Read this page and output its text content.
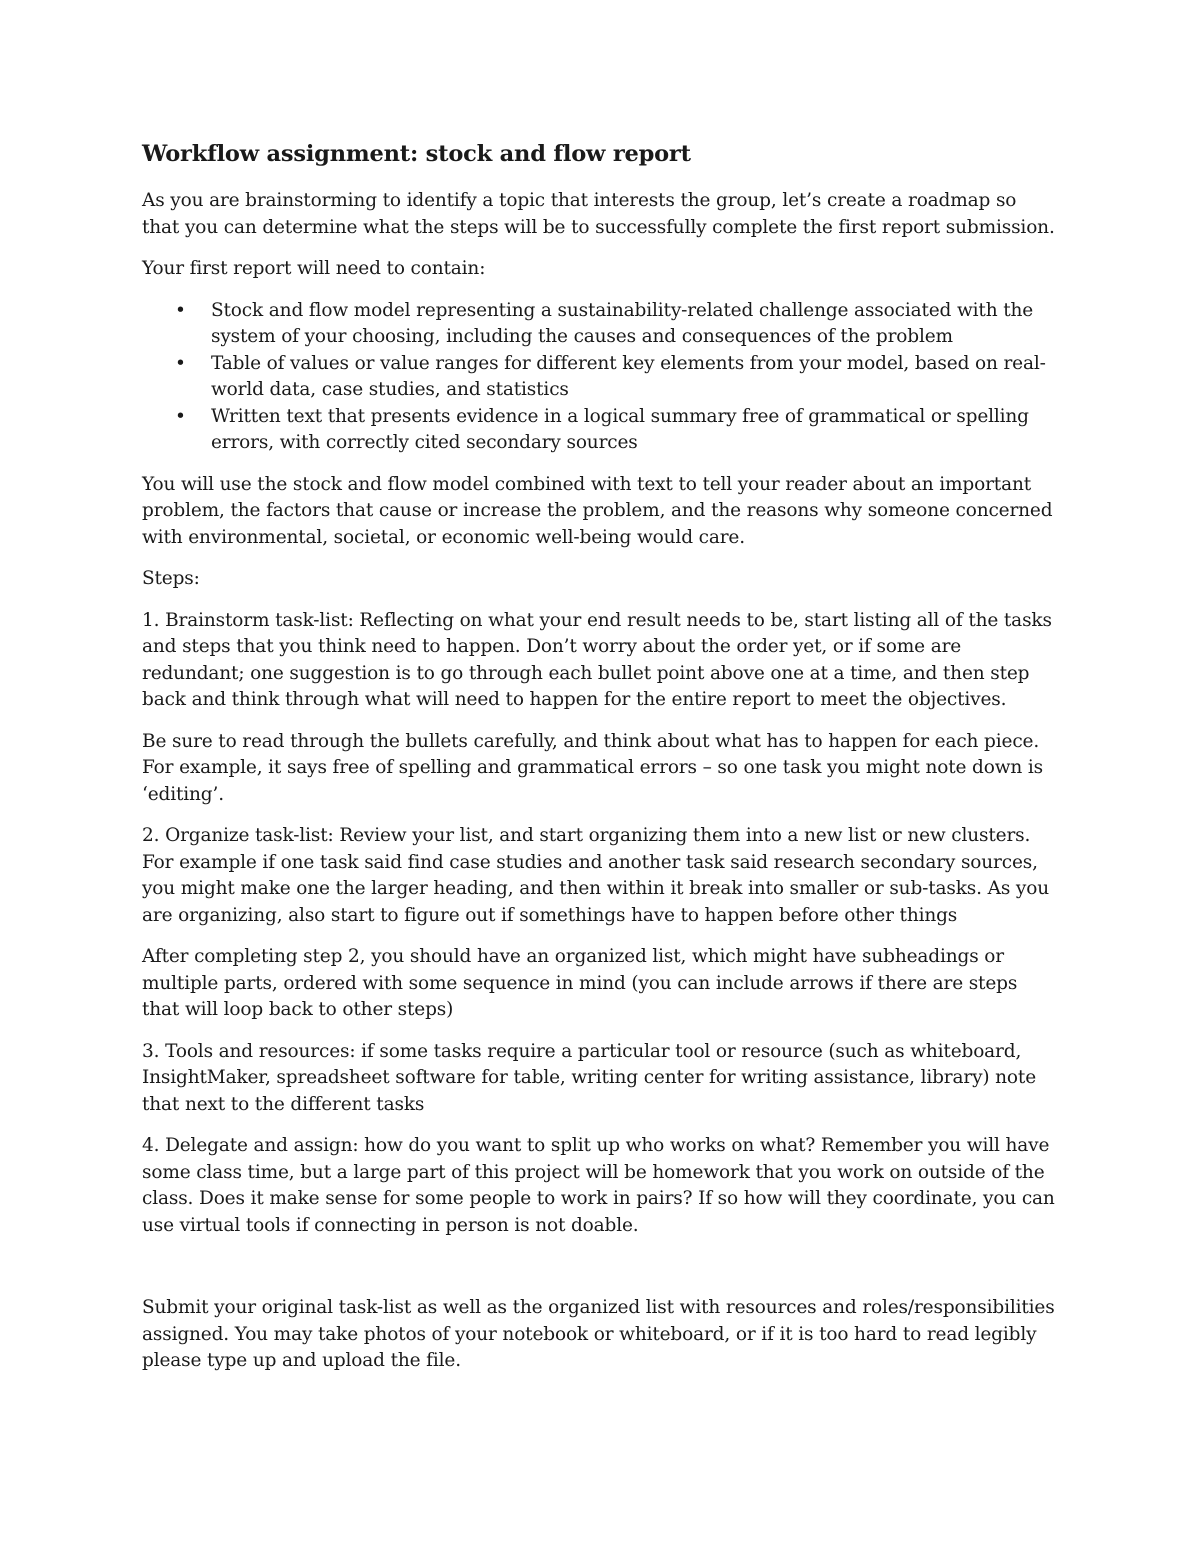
Workflow assignment: stock and flow report

As you are brainstorming to identify a topic that interests the group, let’s create a roadmap so that you can determine what the steps will be to successfully complete the first report submission.

Your first report will need to contain:

• Stock and flow model representing a sustainability-related challenge associated with the system of your choosing, including the causes and consequences of the problem
• Table of values or value ranges for different key elements from your model, based on real-world data, case studies, and statistics
• Written text that presents evidence in a logical summary free of grammatical or spelling errors, with correctly cited secondary sources

You will use the stock and flow model combined with text to tell your reader about an important problem, the factors that cause or increase the problem, and the reasons why someone concerned with environmental, societal, or economic well-being would care.

Steps:

1. Brainstorm task-list: Reflecting on what your end result needs to be, start listing all of the tasks and steps that you think need to happen. Don’t worry about the order yet, or if some are redundant; one suggestion is to go through each bullet point above one at a time, and then step back and think through what will need to happen for the entire report to meet the objectives.

Be sure to read through the bullets carefully, and think about what has to happen for each piece. For example, it says free of spelling and grammatical errors – so one task you might note down is ‘editing’.

2. Organize task-list: Review your list, and start organizing them into a new list or new clusters. For example if one task said find case studies and another task said research secondary sources, you might make one the larger heading, and then within it break into smaller or sub-tasks. As you are organizing, also start to figure out if somethings have to happen before other things

After completing step 2, you should have an organized list, which might have subheadings or multiple parts, ordered with some sequence in mind (you can include arrows if there are steps that will loop back to other steps)

3. Tools and resources: if some tasks require a particular tool or resource (such as whiteboard, InsightMaker, spreadsheet software for table, writing center for writing assistance, library) note that next to the different tasks

4. Delegate and assign: how do you want to split up who works on what? Remember you will have some class time, but a large part of this project will be homework that you work on outside of the class. Does it make sense for some people to work in pairs? If so how will they coordinate, you can use virtual tools if connecting in person is not doable.

Submit your original task-list as well as the organized list with resources and roles/responsibilities assigned. You may take photos of your notebook or whiteboard, or if it is too hard to read legibly please type up and upload the file.
